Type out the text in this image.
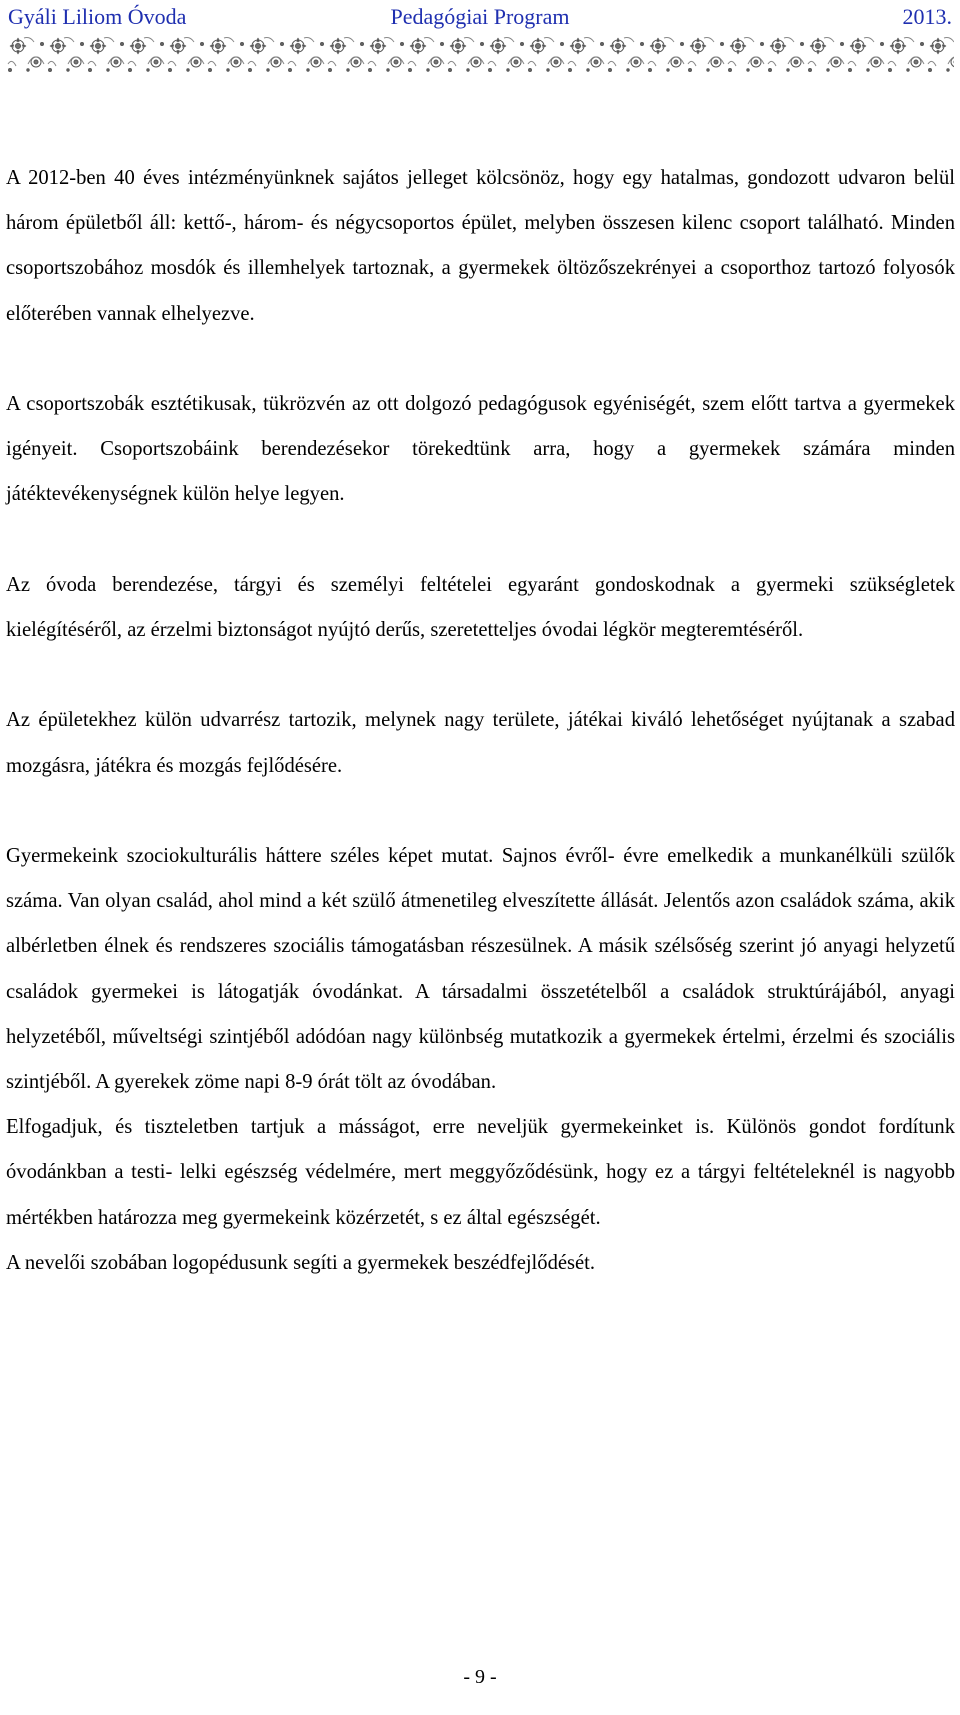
Gyáli Liliom Óvoda	Pedagógiai Program	2013.

A 2012-ben 40 éves intézményünknek sajátos jelleget kölcsönöz, hogy egy hatalmas, gondozott udvaron belül három épületből áll: kettő-, három- és négycsoportos épület, melyben összesen kilenc csoport található. Minden csoportszobához mosdók és illemhelyek tartoznak, a gyermekek öltözőszekrényei a csoporthoz tartozó folyosók előterében vannak elhelyezve.

A csoportszobák esztétikusak, tükrözvén az ott dolgozó pedagógusok egyéniségét, szem előtt tartva a gyermekek igényeit. Csoportszobáink berendezésekor törekedtünk arra, hogy a gyermekek számára minden játéktevékenységnek külön helye legyen.

Az óvoda berendezése, tárgyi és személyi feltételei egyaránt gondoskodnak a gyermeki szükségletek kielégítéséről, az érzelmi biztonságot nyújtó derűs, szeretetteljes óvodai légkör megteremtéséről.

Az épületekhez külön udvarrész tartozik, melynek nagy területe, játékai kiváló lehetőséget nyújtanak a szabad mozgásra, játékra és mozgás fejlődésére.

Gyermekeink szociokulturális háttere széles képet mutat. Sajnos évről- évre emelkedik a munkanélküli szülők száma. Van olyan család, ahol mind a két szülő átmenetileg elveszítette állását. Jelentős azon családok száma, akik albérletben élnek és rendszeres szociális támogatásban részesülnek. A másik szélsőség szerint jó anyagi helyzetű családok gyermekei is látogatják óvodánkat. A társadalmi összetételből a családok struktúrájából, anyagi helyzetéből, műveltségi szintjéből adódóan nagy különbség mutatkozik a gyermekek értelmi, érzelmi és szociális szintjéből. A gyerekek zöme napi 8-9 órát tölt az óvodában.

Elfogadjuk, és tiszteletben tartjuk a másságot, erre neveljük gyermekeinket is. Különös gondot fordítunk óvodánkban a testi- lelki egészség védelmére, mert meggyőződésünk, hogy ez a tárgyi feltételeknél is nagyobb mértékben határozza meg gyermekeink közérzetét, s ez által egészségét.

A nevelői szobában logopédusunk segíti a gyermekek beszédfejlődését.

- 9 -
